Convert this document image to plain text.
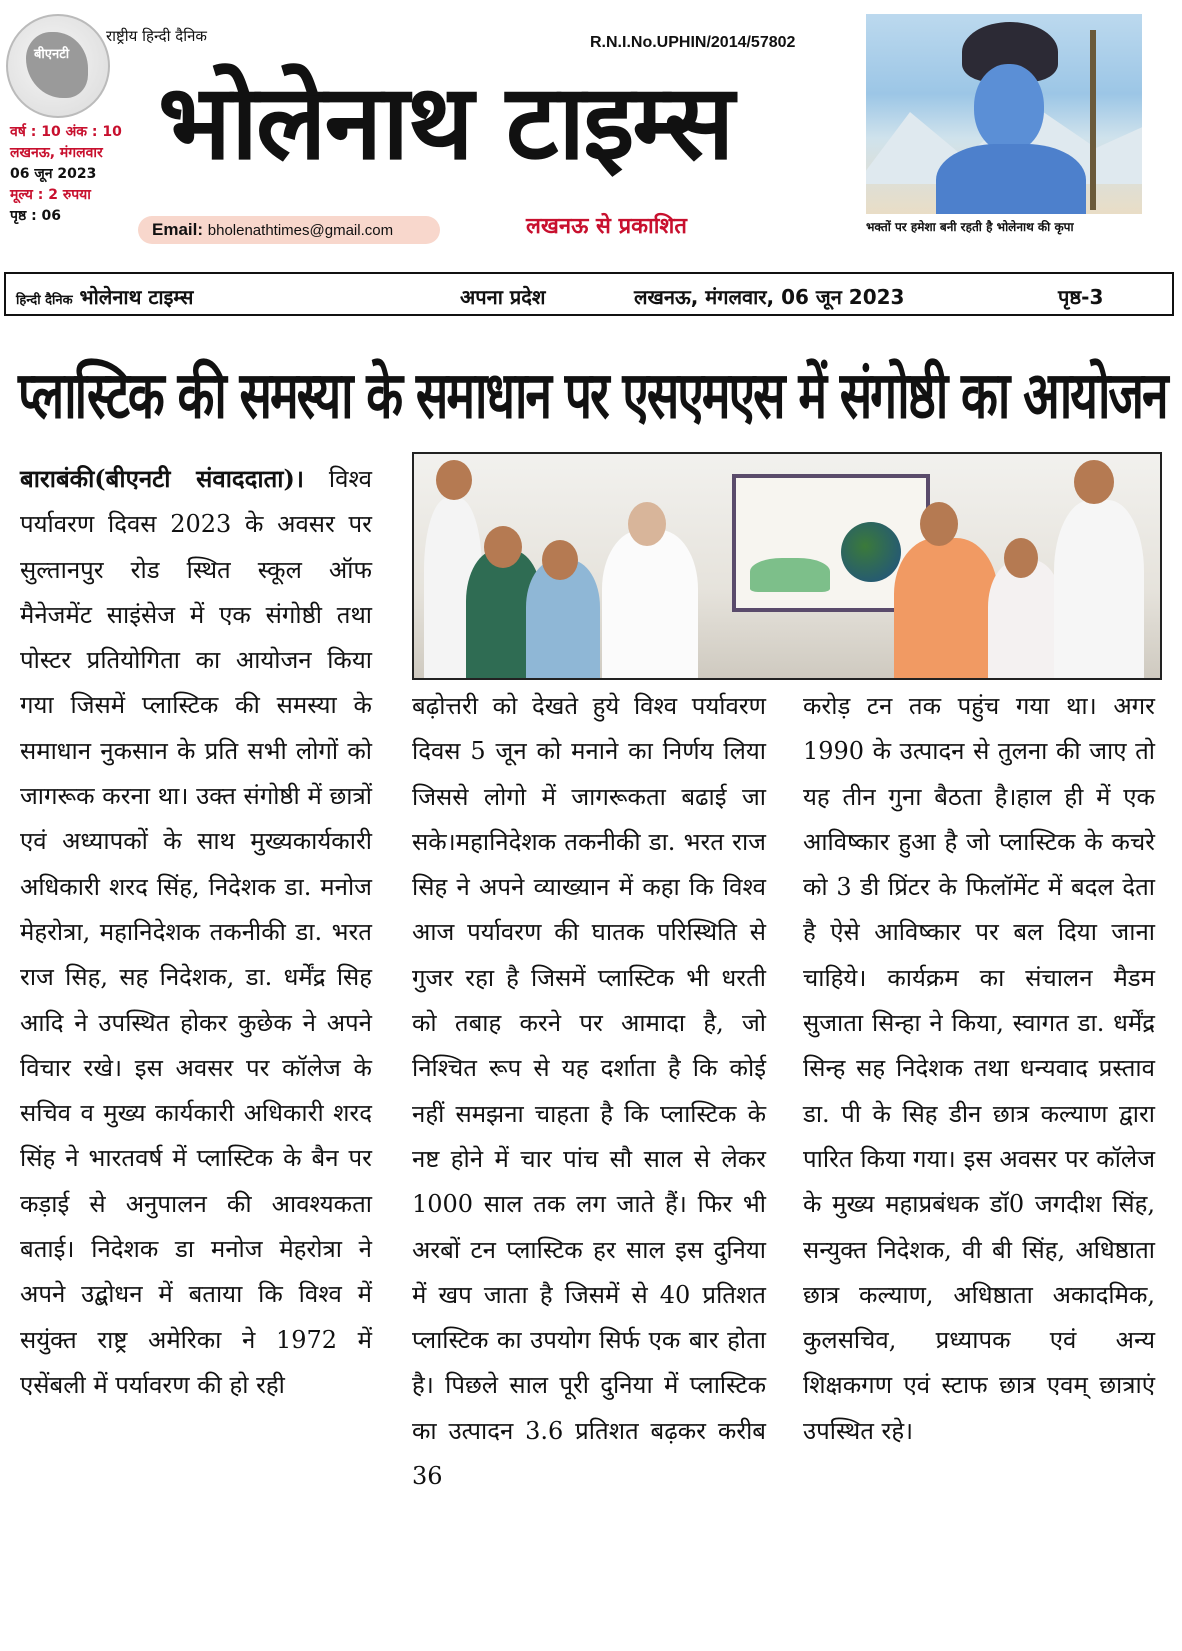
बीएनटी
राष्ट्रीय हिन्दी दैनिक
वर्ष : 10 अंक : 10
लखनऊ, मंगलवार
06 जून 2023
मूल्य : 2 रुपया
पृष्ठ : 06
R.N.I.No.UPHIN/2014/57802
भोलेनाथ टाइम्स
Email: bholenathtimes@gmail.com	लखनऊ से प्रकाशित	भक्तों पर हमेशा बनी रहती है भोलेनाथ की कृपा
हिन्दी दैनिक भोलेनाथ टाइम्स	अपना प्रदेश	लखनऊ, मंगलवार, 06 जून 2023	पृष्ठ-3
प्लास्टिक की समस्या के समाधान पर एसएमएस में संगोष्ठी का आयोजन
बाराबंकी(बीएनटी संवाददाता)। विश्व पर्यावरण दिवस 2023 के अवसर पर सुल्तानपुर रोड स्थित स्कूल ऑफ मैनेजमेंट साइंसेज में एक संगोष्ठी तथा पोस्टर प्रतियोगिता का आयोजन किया गया जिसमें प्लास्टिक की समस्या के समाधान नुकसान के प्रति सभी लोगों को जागरूक करना था। उक्त संगोष्ठी में छात्रों एवं अध्यापकों के साथ मुख्यकार्यकारी अधिकारी शरद सिंह, निदेशक डा. मनोज मेहरोत्रा, महानिदेशक तकनीकी डा. भरत राज सिह, सह निदेशक, डा. धर्मेंद्र सिह आदि ने उपस्थित होकर कुछेक ने अपने विचार रखे। इस अवसर पर कॉलेज के सचिव व मुख्य कार्यकारी अधिकारी शरद सिंह ने भारतवर्ष में प्लास्टिक के बैन पर कड़ाई से अनुपालन की आवश्यकता बताई। निदेशक डा मनोज मेहरोत्रा ने अपने उद्बोधन में बताया कि विश्व में सयुंक्त राष्ट्र अमेरिका ने 1972 में एसेंबली में पर्यावरण की हो रही
बढ़ोत्तरी को देखते हुये विश्व पर्यावरण दिवस 5 जून को मनाने का निर्णय लिया जिससे लोगो में जागरूकता बढाई जा सके।महानिदेशक तकनीकी डा. भरत राज सिह ने अपने व्याख्यान में कहा कि विश्व आज पर्यावरण की घातक परिस्थिति से गुजर रहा है जिसमें प्लास्टिक भी धरती को तबाह करने पर आमादा है, जो निश्चित रूप से यह दर्शाता है कि कोई नहीं समझना चाहता है कि प्लास्टिक के नष्ट होने में चार पांच सौ साल से लेकर 1000 साल तक लग जाते हैं। फिर भी अरबों टन प्लास्टिक हर साल इस दुनिया में खप जाता है जिसमें से 40 प्रतिशत प्लास्टिक का उपयोग सिर्फ एक बार होता है। पिछले साल पूरी दुनिया में प्लास्टिक का उत्पादन 3.6 प्रतिशत बढ़कर करीब 36
करोड़ टन तक पहुंच गया था। अगर 1990 के उत्पादन से तुलना की जाए तो यह तीन गुना बैठता है।हाल ही में एक आविष्कार हुआ है जो प्लास्टिक के कचरे को 3 डी प्रिंटर के फिलॉमेंट में बदल देता है ऐसे आविष्कार पर बल दिया जाना चाहिये। कार्यक्रम का संचालन मैडम सुजाता सिन्हा ने किया, स्वागत डा. धर्मेंद्र सिन्ह सह निदेशक तथा धन्यवाद प्रस्ताव डा. पी के सिह डीन छात्र कल्याण द्वारा पारित किया गया। इस अवसर पर कॉलेज के मुख्य महाप्रबंधक डॉ0 जगदीश सिंह, सन्युक्त निदेशक, वी बी सिंह, अधिष्ठाता छात्र कल्याण, अधिष्ठाता अकादमिक, कुलसचिव, प्रध्यापक एवं अन्य शिक्षकगण एवं स्टाफ छात्र एवम् छात्राएं उपस्थित रहे।
